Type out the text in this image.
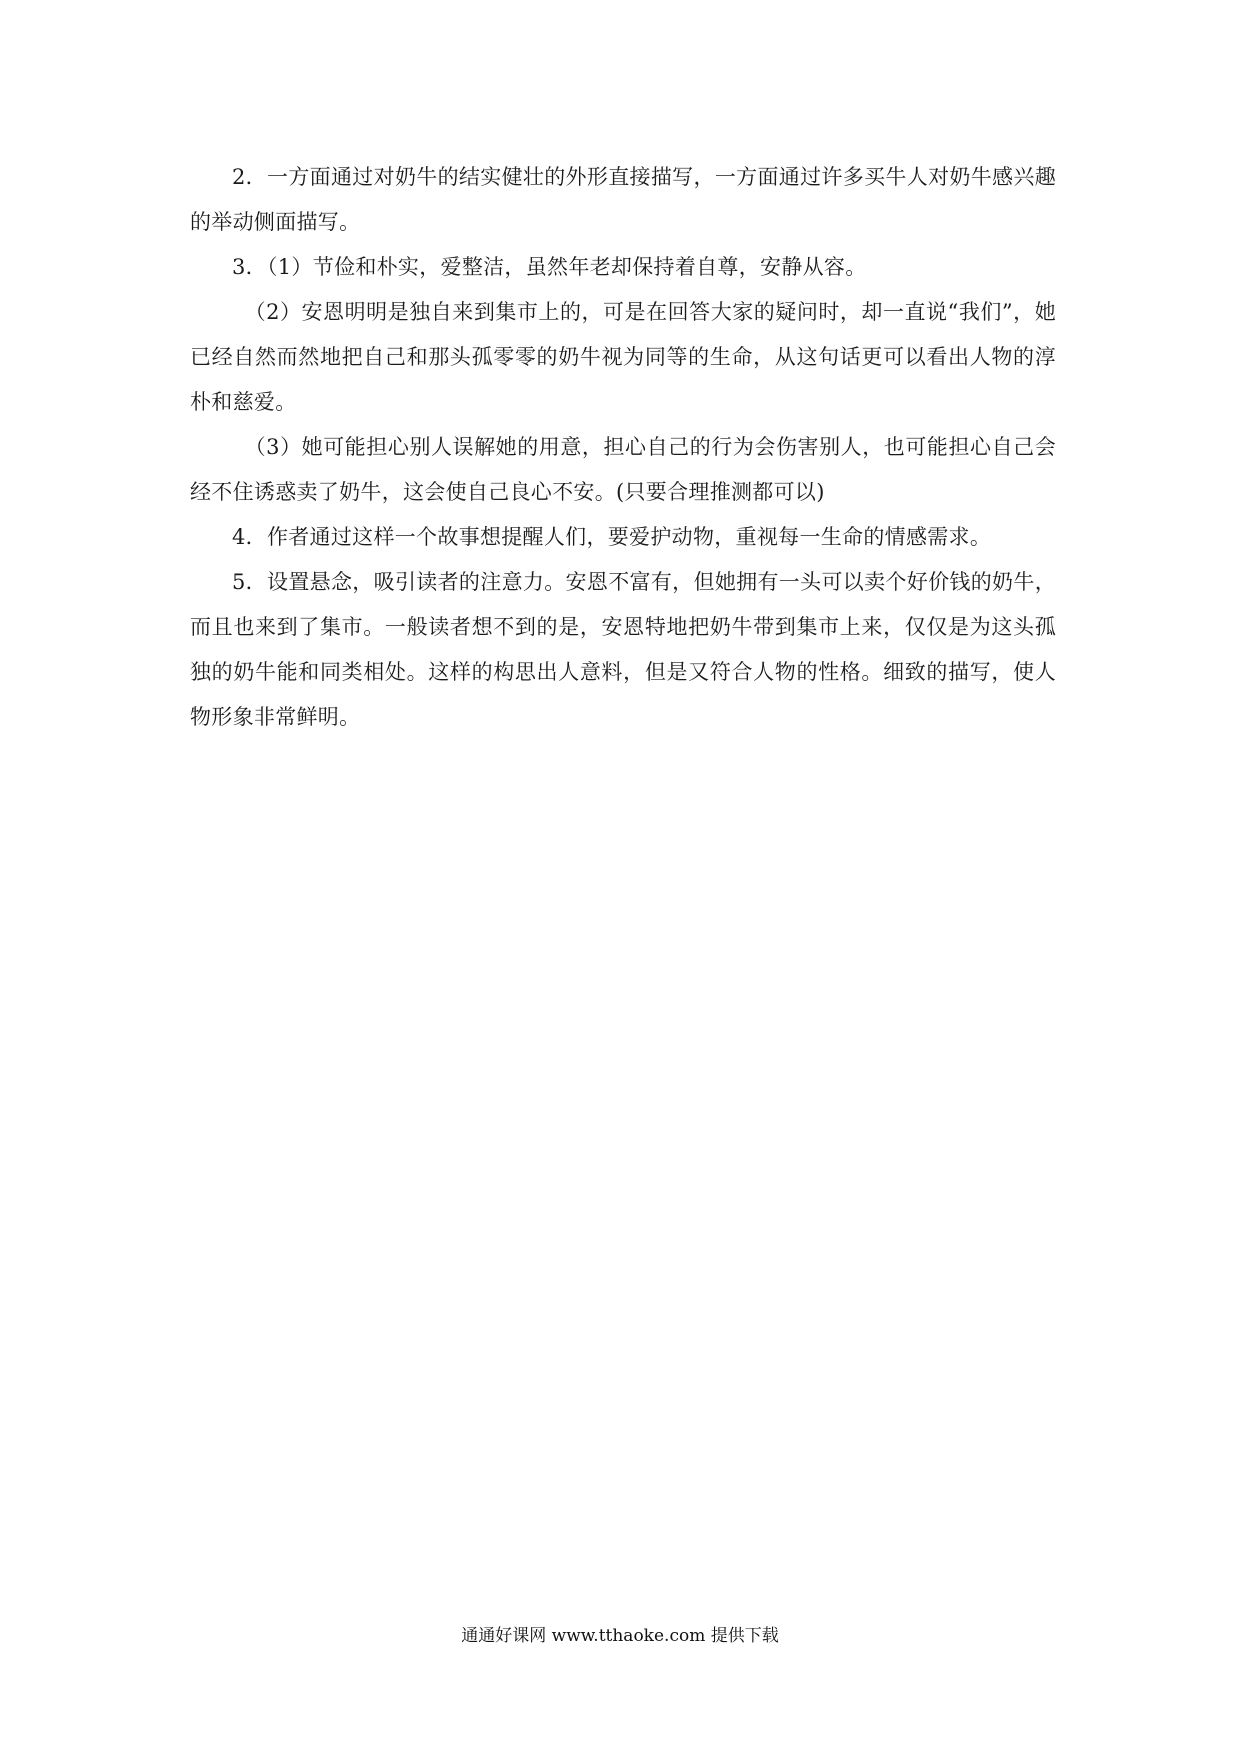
2．一方面通过对奶牛的结实健壮的外形直接描写，一方面通过许多买牛人对奶牛感兴趣的举动侧面描写。

3．（1）节俭和朴实，爱整洁，虽然年老却保持着自尊，安静从容。

（2）安恩明明是独自来到集市上的，可是在回答大家的疑问时，却一直说“我们”，她已经自然而然地把自己和那头孤零零的奶牛视为同等的生命，从这句话更可以看出人物的淳朴和慈爱。

（3）她可能担心别人误解她的用意，担心自己的行为会伤害别人，也可能担心自己会经不住诱惑卖了奶牛，这会使自己良心不安。(只要合理推测都可以)

4．作者通过这样一个故事想提醒人们，要爱护动物，重视每一生命的情感需求。

5．设置悬念，吸引读者的注意力。安恩不富有，但她拥有一头可以卖个好价钱的奶牛，而且也来到了集市。一般读者想不到的是，安恩特地把奶牛带到集市上来，仅仅是为这头孤独的奶牛能和同类相处。这样的构思出人意料，但是又符合人物的性格。细致的描写，使人物形象非常鲜明。

通通好课网 www.tthaoke.com 提供下载
